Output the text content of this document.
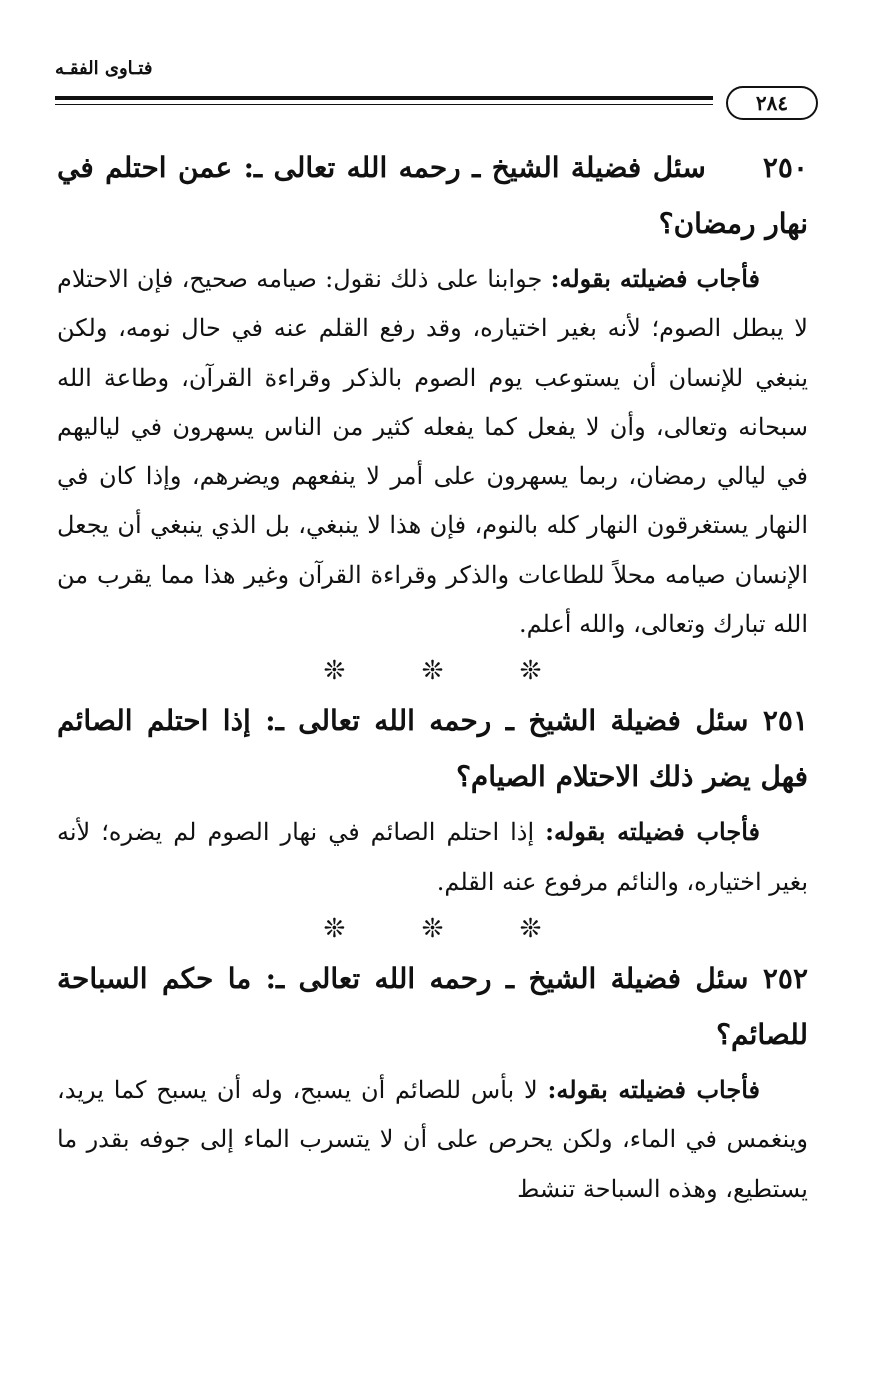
فتـاوى الفقـه
٢٨٤

٢٥٠     سئل فضيلة الشيخ ـ رحمه الله تعالى ـ: عمن احتلم في نهار رمضان؟

فأجاب فضيلته بقوله: جوابنا على ذلك نقول: صيامه صحيح، فإن الاحتلام لا يبطل الصوم؛ لأنه بغير اختياره، وقد رفع القلم عنه في حال نومه، ولكن ينبغي للإنسان أن يستوعب يوم الصوم بالذكر وقراءة القرآن، وطاعة الله سبحانه وتعالى، وأن لا يفعل كما يفعله كثير من الناس يسهرون في لياليهم في ليالي رمضان، ربما يسهرون على أمر لا ينفعهم ويضرهم، وإذا كان في النهار يستغرقون النهار كله بالنوم، فإن هذا لا ينبغي، بل الذي ينبغي أن يجعل الإنسان صيامه محلاً للطاعات والذكر وقراءة القرآن وغير هذا مما يقرب من الله تبارك وتعالى، والله أعلم.

❊ ❊ ❊

٢٥١ سئل فضيلة الشيخ ـ رحمه الله تعالى ـ: إذا احتلم الصائم فهل يضر ذلك الاحتلام الصيام؟

فأجاب فضيلته بقوله: إذا احتلم الصائم في نهار الصوم لم يضره؛ لأنه بغير اختياره، والنائم مرفوع عنه القلم.

❊ ❊ ❊

٢٥٢ سئل فضيلة الشيخ ـ رحمه الله تعالى ـ: ما حكم السباحة للصائم؟

فأجاب فضيلته بقوله: لا بأس للصائم أن يسبح، وله أن يسبح كما يريد، وينغمس في الماء، ولكن يحرص على أن لا يتسرب الماء إلى جوفه بقدر ما يستطيع، وهذه السباحة تنشط
